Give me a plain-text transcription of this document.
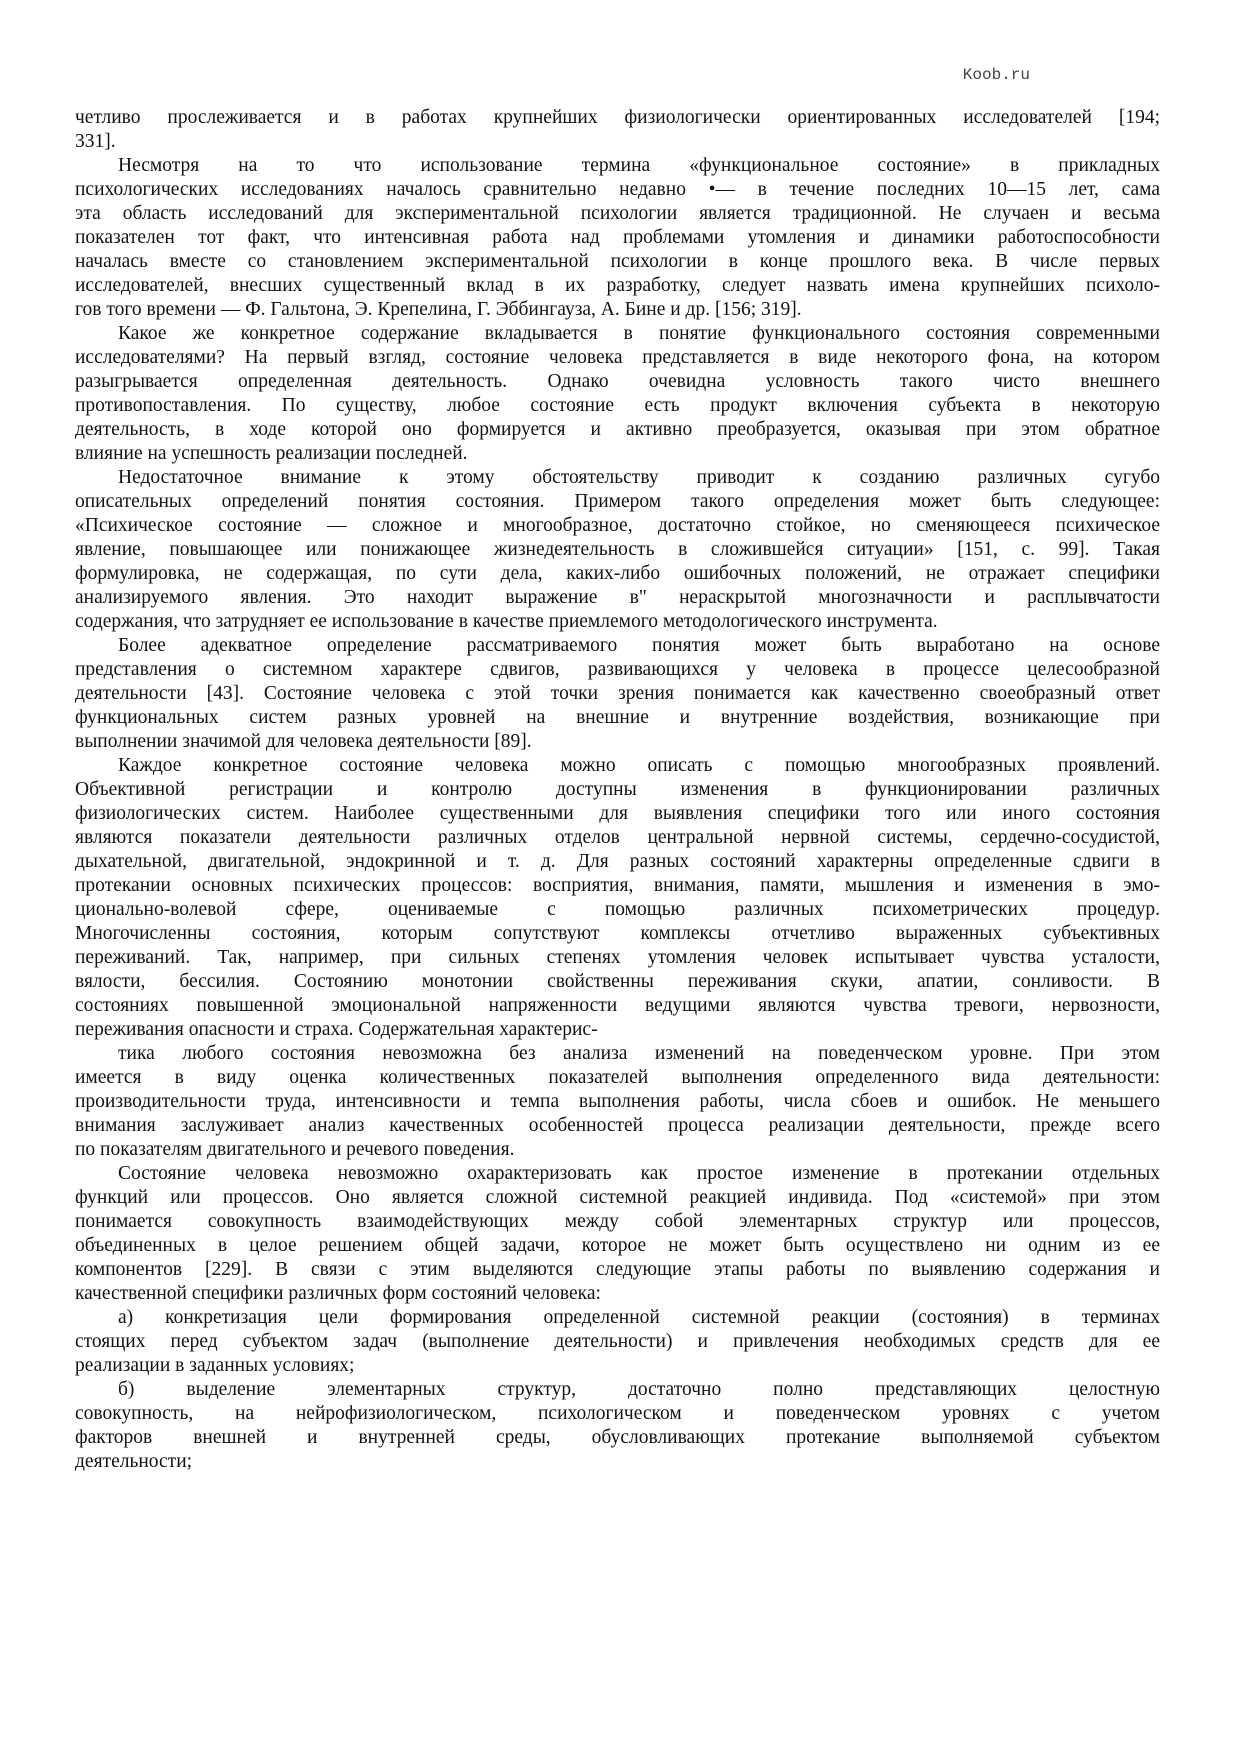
Koob.ru
четливо прослеживается и в работах крупнейших физиологически ориентированных исследователей [194;
331].
Несмотря на то что использование термина «функциональное состояние» в прикладных
психологических исследованиях началось сравнительно недавно •— в течение последних 10—15 лет, сама
эта область исследований для экспериментальной психологии является традиционной. Не случаен и весьма
показателен тот факт, что интенсивная работа над проблемами утомления и динамики работоспособности
началась вместе со становлением экспериментальной психологии в конце прошлого века. В числе первых
исследователей, внесших существенный вклад в их разработку, следует назвать имена крупнейших психоло-
гов того времени — Ф. Гальтона, Э. Крепелина, Г. Эббингауза, А. Бине и др. [156; 319].
Какое же конкретное содержание вкладывается в понятие функционального состояния современными
исследователями? На первый взгляд, состояние человека представляется в виде некоторого фона, на котором
разыгрывается определенная деятельность. Однако очевидна условность такого чисто внешнего
противопоставления. По существу, любое состояние есть продукт включения субъекта в некоторую
деятельность, в ходе которой оно формируется и активно преобразуется, оказывая при этом обратное
влияние на успешность реализации последней.
Недостаточное внимание к этому обстоятельству приводит к созданию различных сугубо
описательных определений понятия состояния. Примером такого определения может быть следующее:
«Психическое состояние — сложное и многообразное, достаточно стойкое, но сменяющееся психическое
явление, повышающее или понижающее жизнедеятельность в сложившейся ситуации» [151, с. 99]. Такая
формулировка, не содержащая, по сути дела, каких-либо ошибочных положений, не отражает специфики
анализируемого явления. Это находит выражение в" нераскрытой многозначности и расплывчатости
содержания, что затрудняет ее использование в качестве приемлемого методологического инструмента.
Более адекватное определение рассматриваемого понятия может быть выработано на основе
представления о системном характере сдвигов, развивающихся у человека в процессе целесообразной
деятельности [43]. Состояние человека с этой точки зрения понимается как качественно своеобразный ответ
функциональных систем разных уровней на внешние и внутренние воздействия, возникающие при
выполнении значимой для человека деятельности [89].
Каждое конкретное состояние человека можно описать с помощью многообразных проявлений.
Объективной регистрации и контролю доступны изменения в функционировании различных
физиологических систем. Наиболее существенными для выявления специфики того или иного состояния
являются показатели деятельности различных отделов центральной нервной системы, сердечно-сосудистой,
дыхательной, двигательной, эндокринной и т. д. Для разных состояний характерны определенные сдвиги в
протекании основных психических процессов: восприятия, внимания, памяти, мышления и изменения в эмо-
ционально-волевой сфере, оцениваемые с помощью различных психометрических процедур.
Многочисленны состояния, которым сопутствуют комплексы отчетливо выраженных субъективных
переживаний. Так, например, при сильных степенях утомления человек испытывает чувства усталости,
вялости, бессилия. Состоянию монотонии свойственны переживания скуки, апатии, сонливости. В
состояниях повышенной эмоциональной напряженности ведущими являются чувства тревоги, нервозности,
переживания опасности и страха. Содержательная характерис-
тика любого состояния невозможна без анализа изменений на поведенческом уровне. При этом
имеется в виду оценка количественных показателей выполнения определенного вида деятельности:
производительности труда, интенсивности и темпа выполнения работы, числа сбоев и ошибок. Не меньшего
внимания заслуживает анализ качественных особенностей процесса реализации деятельности, прежде всего
по показателям двигательного и речевого поведения.
Состояние человека невозможно охарактеризовать как простое изменение в протекании отдельных
функций или процессов. Оно является сложной системной реакцией индивида. Под «системой» при этом
понимается совокупность взаимодействующих между собой элементарных структур или процессов,
объединенных в целое решением общей задачи, которое не может быть осуществлено ни одним из ее
компонентов [229]. В связи с этим выделяются следующие этапы работы по выявлению содержания и
качественной специфики различных форм состояний человека:
а) конкретизация цели формирования определенной системной реакции (состояния) в терминах
стоящих перед субъектом задач (выполнение деятельности) и привлечения необходимых средств для ее
реализации в заданных условиях;
б) выделение элементарных структур, достаточно полно представляющих целостную
совокупность, на нейрофизиологическом, психологическом и поведенческом уровнях с учетом
факторов внешней и внутренней среды, обусловливающих протекание выполняемой субъектом
деятельности;
